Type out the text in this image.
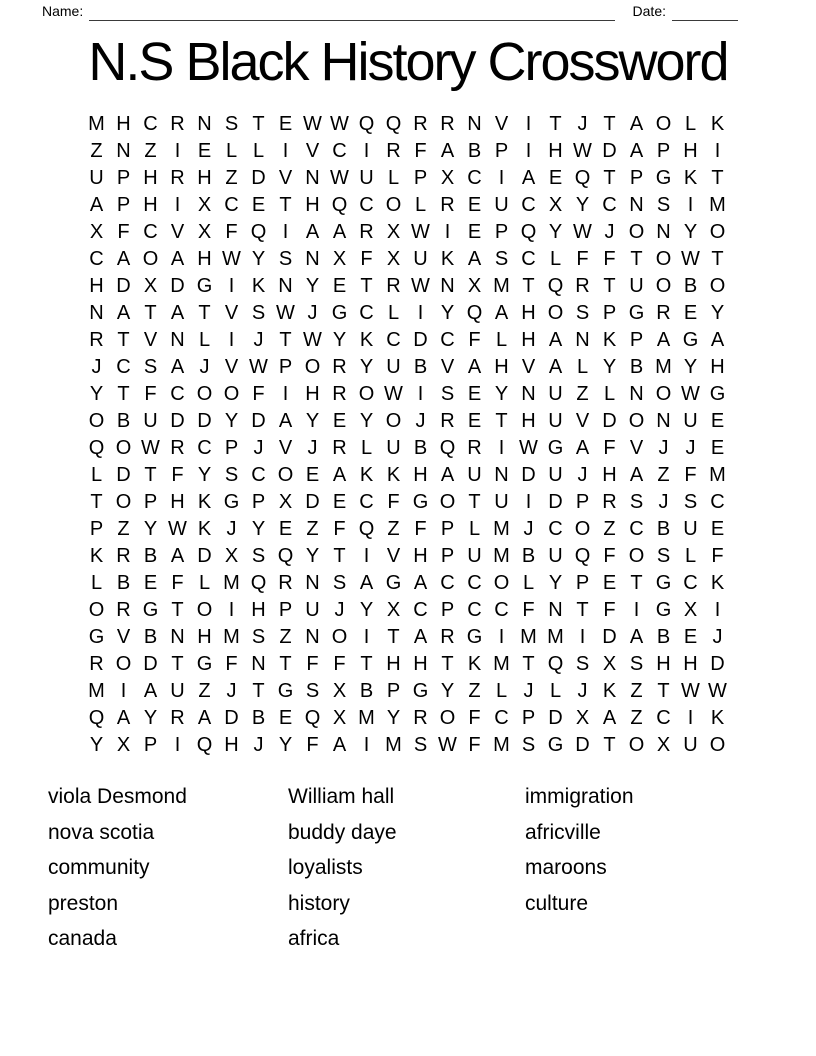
Name:	Date:
N.S Black History Crossword
M H C R N S T E W W Q Q R R N V I T J T A O L K
Z N Z I E L L I V C I R F A B P I H W D A P H I
U P H R H Z D V N W U L P X C I A E Q T P G K T
A P H I X C E T H Q C O L R E U C X Y C N S I M
X F C V X F Q I A A R X W I E P Q Y W J O N Y O
C A O A H W Y S N X F X U K A S C L F F T O W T
H D X D G I K N Y E T R W N X M T Q R T U O B O
N A T A T V S W J G C L I Y Q A H O S P G R E Y
R T V N L I J T W Y K C D C F L H A N K P A G A
J C S A J V W P O R Y U B V A H V A L Y B M Y H
Y T F C O O F I H R O W I S E Y N U Z L N O W G
O B U D D Y D A Y E Y O J R E T H U V D O N U E
Q O W R C P J V J R L U B Q R I W G A F V J J E
L D T F Y S C O E A K K H A U N D U J H A Z F M
T O P H K G P X D E C F G O T U I D P R S J S C
P Z Y W K J Y E Z F Q Z F P L M J C O Z C B U E
K R B A D X S Q Y T I V H P U M B U Q F O S L F
L B E F L M Q R N S A G A C C O L Y P E T G C K
O R G T O I H P U J Y X C P C C F N T F I G X I
G V B N H M S Z N O I T A R G I M M I D A B E J
R O D T G F N T F F T H H T K M T Q S X S H H D
M I A U Z J T G S X B P G Y Z L J L J K Z T W W
Q A Y R A D B E Q X M Y R O F C P D X A Z C I K
Y X P I Q H J Y F A I M S W F M S G D T O X U O
viola Desmond
nova scotia
community
preston
canada
William hall
buddy daye
loyalists
history
africa
immigration
africville
maroons
culture
